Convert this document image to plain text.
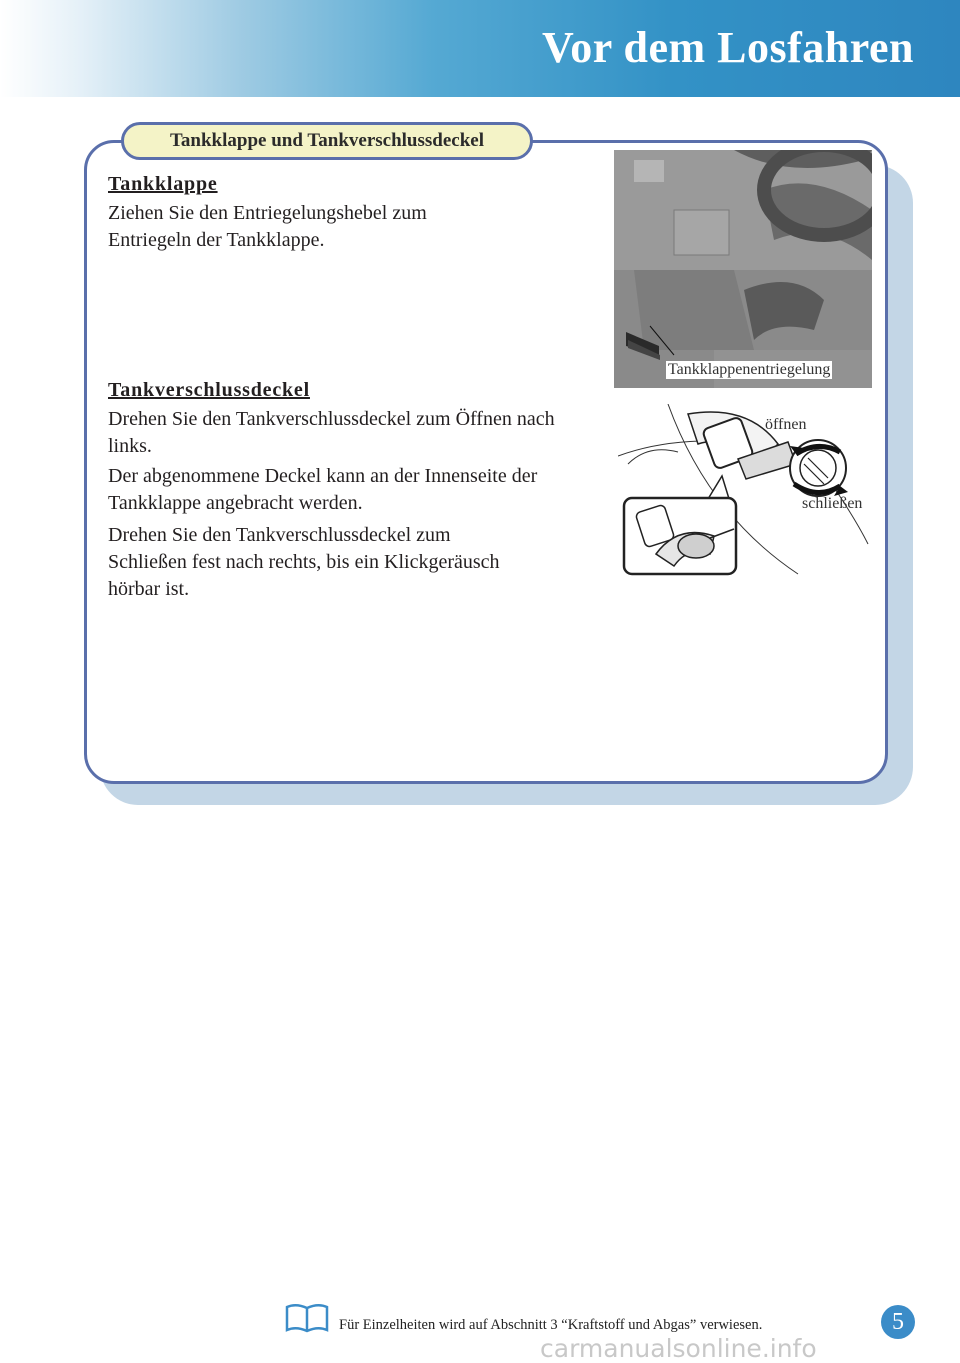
Vor dem Losfahren
Tankklappe und Tankverschlussdeckel
Tankklappe

Ziehen Sie den Entriegelungshebel zum Entriegeln der Tankklappe.

Tankklappenentriegelung
Tankverschlussdeckel

Drehen Sie den Tankverschlussdeckel zum Öffnen nach links.

Der abgenommene Deckel kann an der Innenseite der Tankklappe angebracht werden.

Drehen Sie den Tankverschlussdeckel zum Schließen fest nach rechts, bis ein Klickgeräusch hörbar ist.

öffnen
schließen
Für Einzelheiten wird auf Abschnitt 3 “Kraftstoff und Abgas” verwiesen.	5
carmanualsonline.info
